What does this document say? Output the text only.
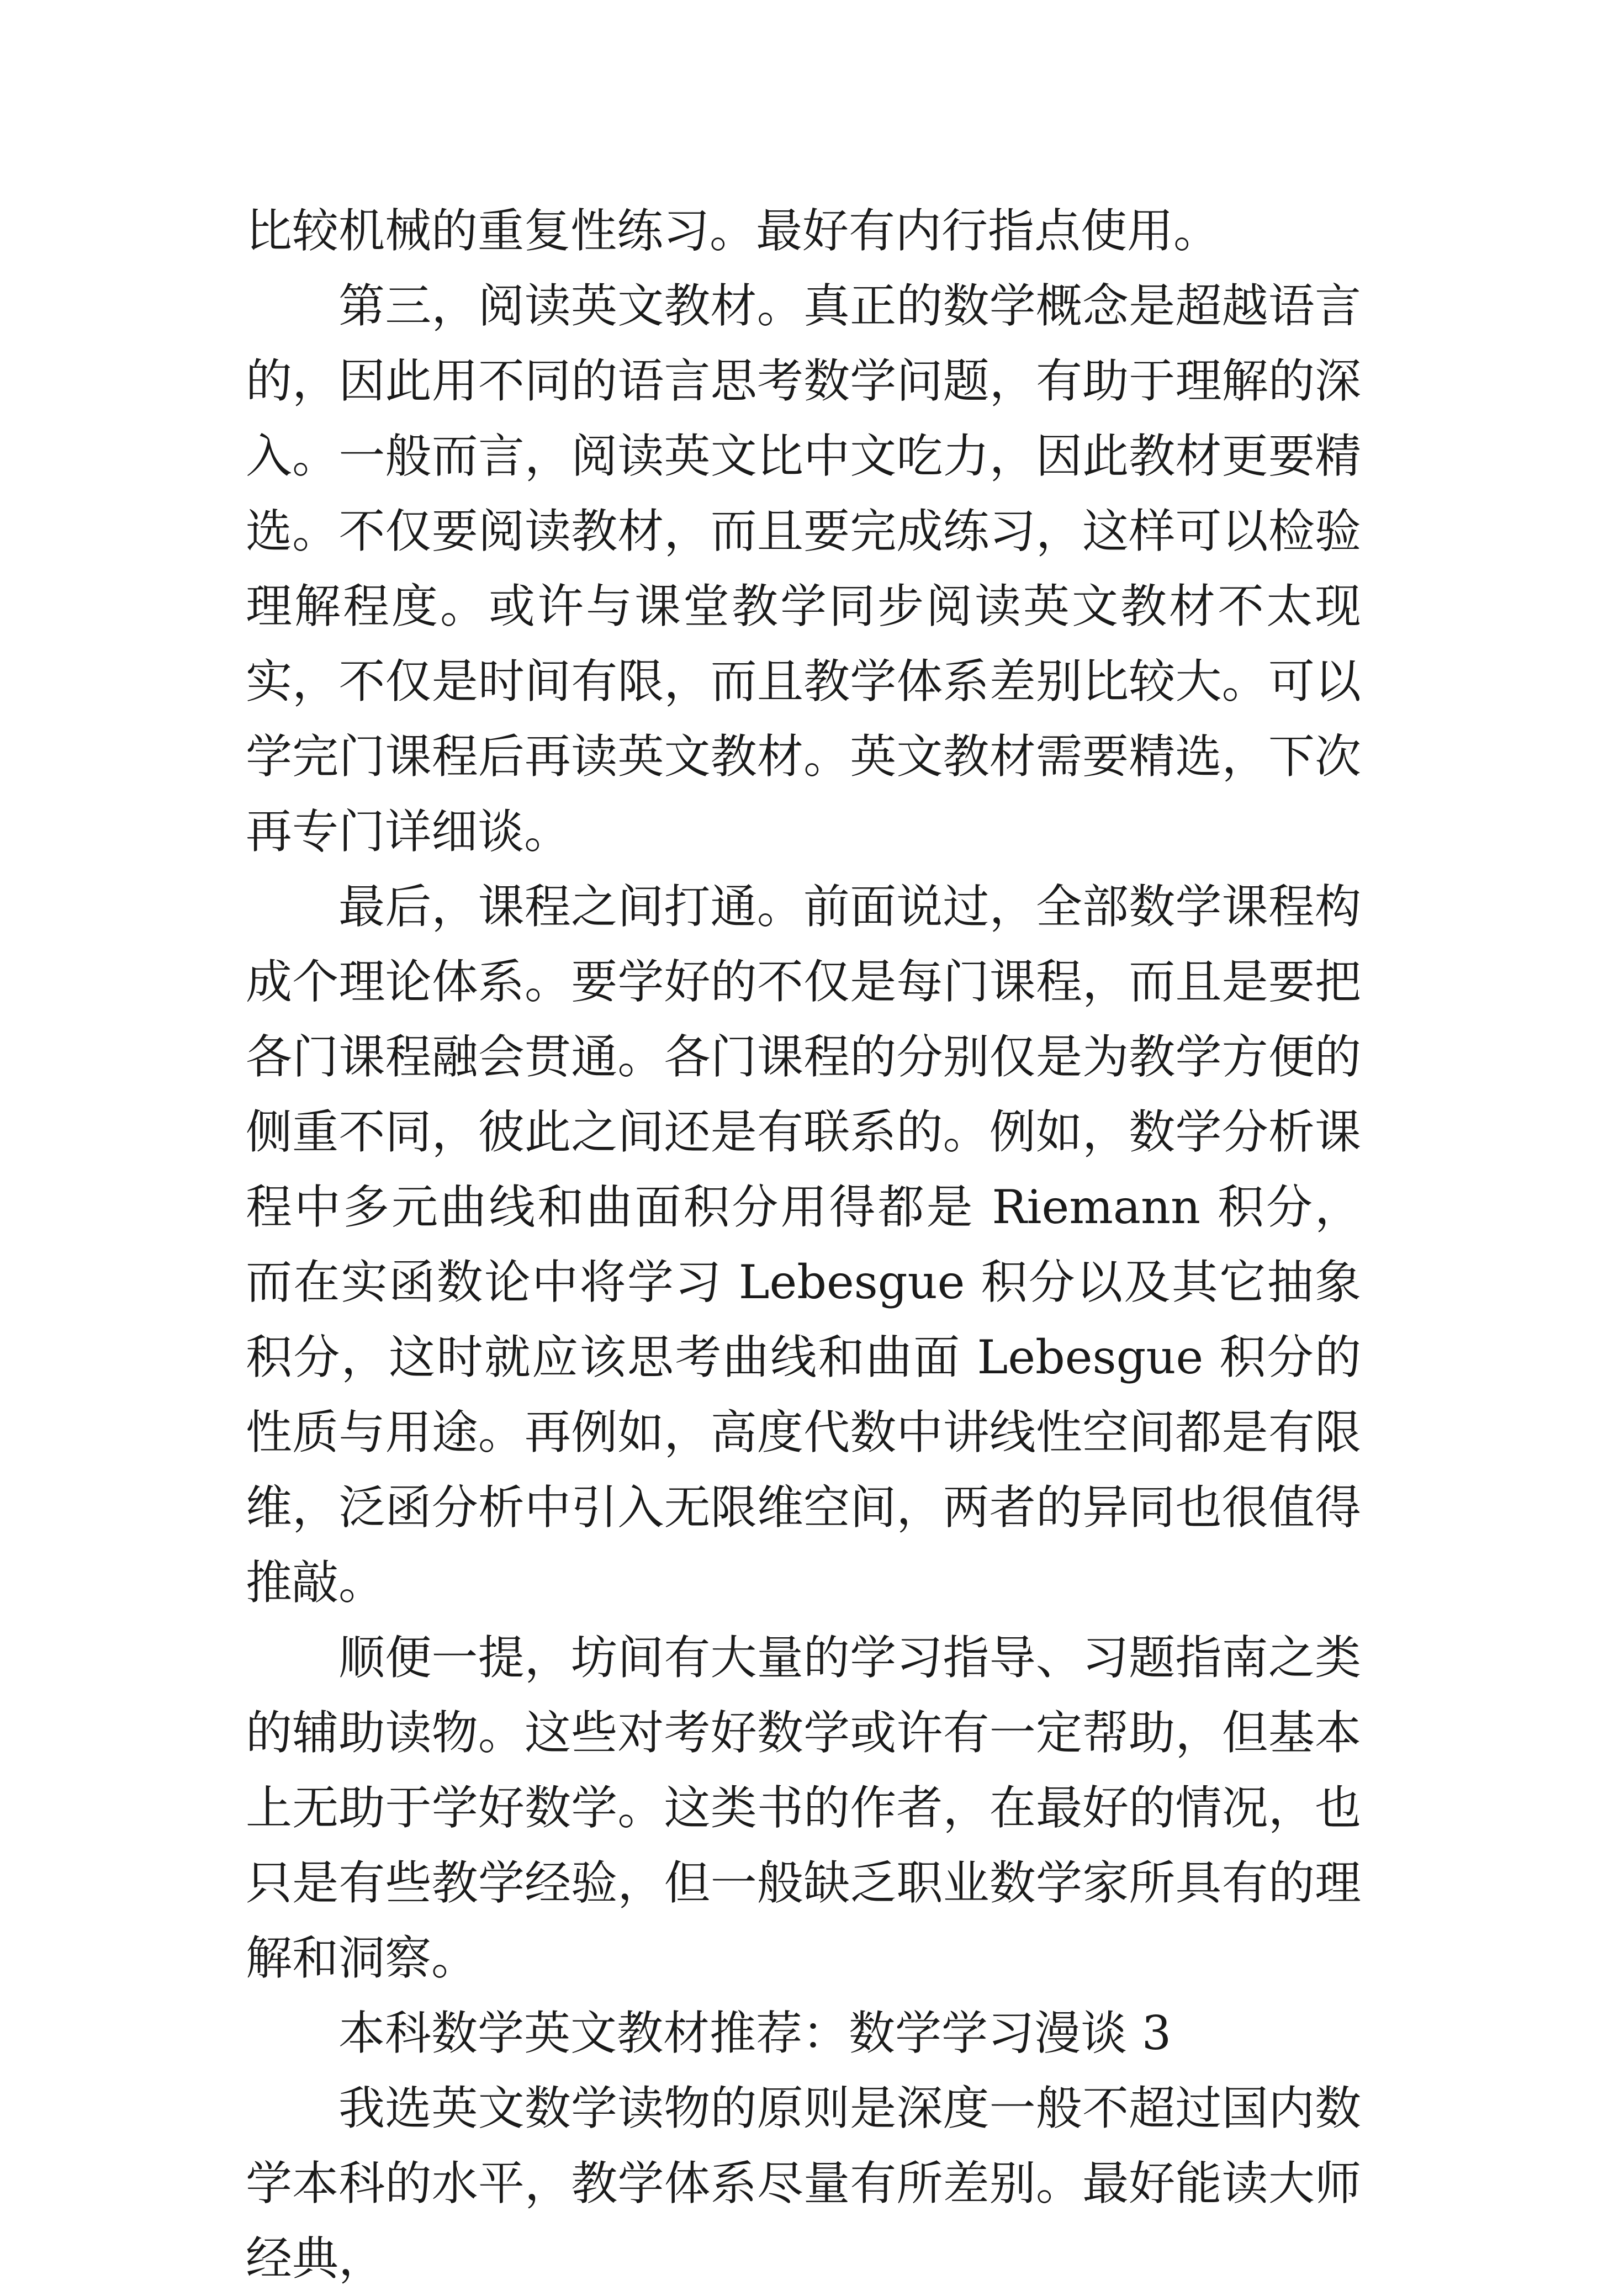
比较机械的重复性练习。最好有内行指点使用。

第三，阅读英文教材。真正的数学概念是超越语言的，因此用不同的语言思考数学问题，有助于理解的深入。一般而言，阅读英文比中文吃力，因此教材更要精选。不仅要阅读教材，而且要完成练习，这样可以检验理解程度。或许与课堂教学同步阅读英文教材不太现实，不仅是时间有限，而且教学体系差别比较大。可以学完门课程后再读英文教材。英文教材需要精选，下次再专门详细谈。

最后，课程之间打通。前面说过，全部数学课程构成个理论体系。要学好的不仅是每门课程，而且是要把各门课程融会贯通。各门课程的分别仅是为教学方便的侧重不同，彼此之间还是有联系的。例如，数学分析课程中多元曲线和曲面积分用得都是 Riemann 积分，而在实函数论中将学习 Lebesgue 积分以及其它抽象积分，这时就应该思考曲线和曲面 Lebesgue 积分的性质与用途。再例如，高度代数中讲线性空间都是有限维，泛函分析中引入无限维空间，两者的异同也很值得推敲。

顺便一提，坊间有大量的学习指导、习题指南之类的辅助读物。这些对考好数学或许有一定帮助，但基本上无助于学好数学。这类书的作者，在最好的情况，也只是有些教学经验，但一般缺乏职业数学家所具有的理解和洞察。

本科数学英文教材推荐：数学学习漫谈 3

我选英文数学读物的原则是深度一般不超过国内数学本科的水平，教学体系尽量有所差别。最好能读大师经典，
